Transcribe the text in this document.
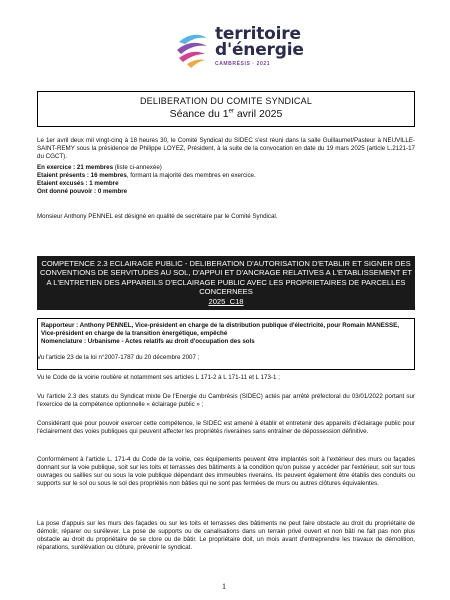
territoire
d'énergie
CAMBRÉSIS · 2021
DELIBERATION DU COMITE SYNDICAL
Séance du 1er avril 2025
Le 1er avril deux mil vingt-cinq à 18 heures 30, le Comité Syndical du SIDEC s'est réuni dans la salle Guillaumet/Pasteur à NEUVILLE-SAINT-REMY sous la présidence de Philippe LOYEZ, Président, à la suite de la convocation en date du 19 mars 2025 (article L.2121-17 du CGCT).
En exercice : 21 membres (liste ci-annexée)
Etaient présents : 16 membres, formant la majorité des membres en exercice.
Etaient excusés : 1 membre
Ont donné pouvoir : 0 membre
Monsieur Anthony PENNEL est désigné en qualité de secrétaire par le Comité Syndical.
COMPETENCE 2.3 ECLAIRAGE PUBLIC - DELIBERATION D'AUTORISATION D'ETABLIR ET SIGNER DES CONVENTIONS DE SERVITUDES AU SOL, D'APPUI ET D'ANCRAGE RELATIVES A L'ETABLISSEMENT ET A L'ENTRETIEN DES APPAREILS D'ECLAIRAGE PUBLIC AVEC LES PROPRIETAIRES DE PARCELLES CONCERNEES
2025_C18
Rapporteur : Anthony PENNEL, Vice-président en charge de la distribution publique d'électricité, pour Romain MANESSE, Vice-président en charge de la transition énergétique, empêché
Nomenclature : Urbanisme - Actes relatifs au droit d'occupation des sols
Vu l'article 23 de la loi n°2007-1787 du 20 décembre 2007 ;
Vu le Code de la voirie routière et notamment ses articles L 171-2 à L 171-11 et L 173-1 ;
Vu l'article 2.3 des statuts du Syndicat mixte De l'Energie du Cambrésis (SIDEC) actés par arrêté préfectoral du 03/01/2022 portant sur l'exercice de la compétence optionnelle « éclairage public » ;
Considérant que pour pouvoir exercer cette compétence, le SIDEC est amené à établir et entretenir des appareils d'éclairage public pour l'éclairement des voies publiques qui peuvent affecter les propriétés riveraines sans entraîner de dépossession définitive.
Conformément à l'article L. 171-4 du Code de la voirie, ces équipements peuvent être implantés soit à l'extérieur des murs ou façades donnant sur la voie publique, soit sur les toits et terrasses des bâtiments à la condition qu'on puisse y accéder par l'extérieur, soit sur tous ouvrages ou saillies sur ou sous la voie publique dépendant des immeubles riverains. Ils peuvent également être établis des conduits ou supports sur le sol ou sous le sol des propriétés non bâties qui ne sont pas fermées de murs ou autres clôtures équivalentes.
La pose d'appuis sur les murs des façades ou sur les toits et terrasses des bâtiments ne peut faire obstacle au droit du propriétaire de démolir, réparer ou surélever. La pose de supports ou de canalisations dans un terrain privé ouvert et non bâti ne fait pas non plus obstacle au droit du propriétaire de se clore ou de bâtir. Le propriétaire doit, un mois avant d'entreprendre les travaux de démolition, réparations, surélévation ou clôture, prévenir le syndicat.
1
